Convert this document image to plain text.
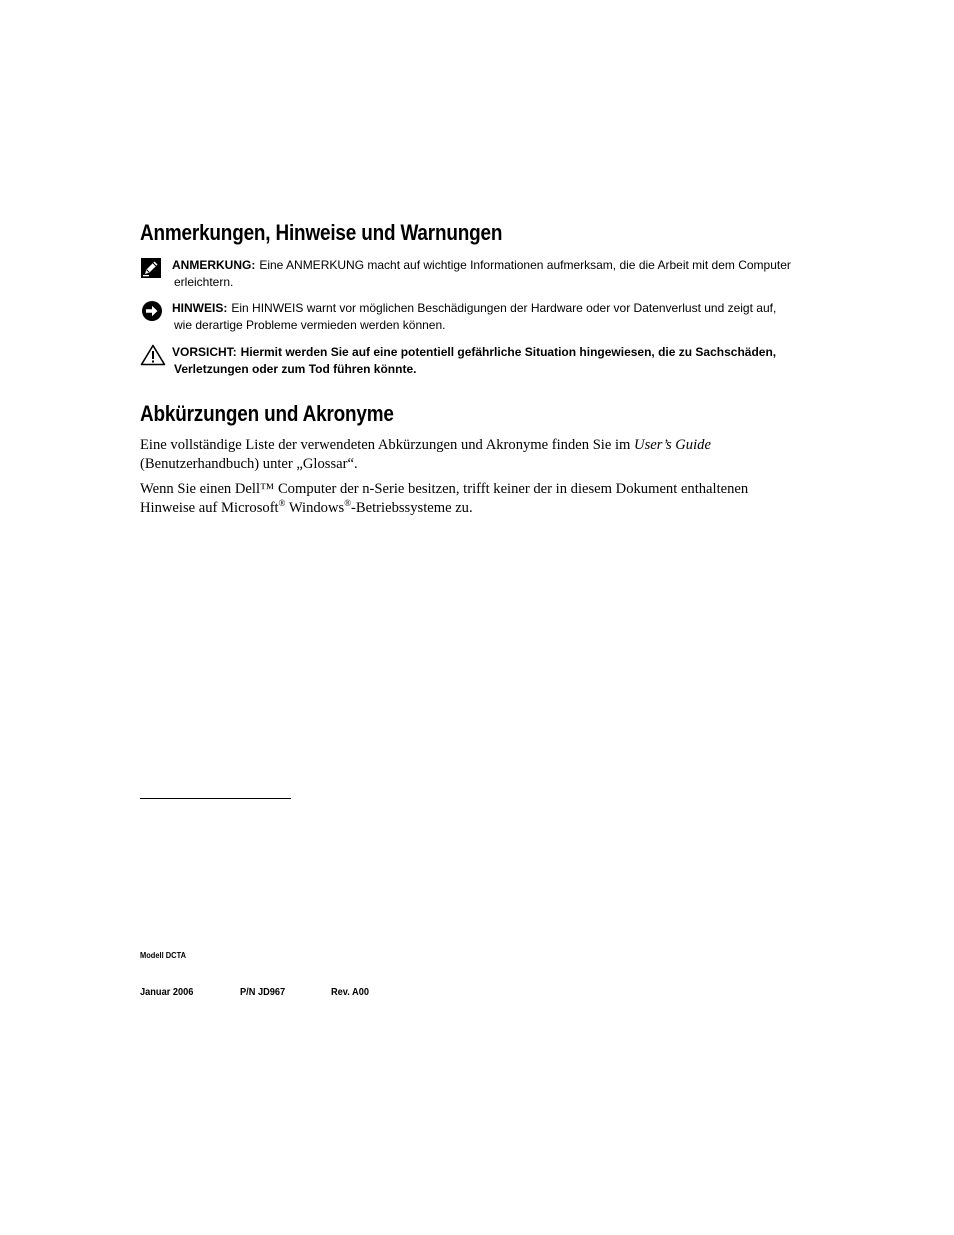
Anmerkungen, Hinweise und Warnungen
ANMERKUNG: Eine ANMERKUNG macht auf wichtige Informationen aufmerksam, die die Arbeit mit dem Computer
erleichtern.
HINWEIS: Ein HINWEIS warnt vor möglichen Beschädigungen der Hardware oder vor Datenverlust und zeigt auf,
wie derartige Probleme vermieden werden können.
VORSICHT: Hiermit werden Sie auf eine potentiell gefährliche Situation hingewiesen, die zu Sachschäden,
Verletzungen oder zum Tod führen könnte.
Abkürzungen und Akronyme

Eine vollständige Liste der verwendeten Abkürzungen und Akronyme finden Sie im User’s Guide
(Benutzerhandbuch) unter „Glossar“.

Wenn Sie einen Dell™ Computer der n-Serie besitzen, trifft keiner der in diesem Dokument enthaltenen
Hinweise auf Microsoft® Windows®-Betriebssysteme zu.

Modell DCTA
Januar 2006	P/N JD967	Rev. A00
